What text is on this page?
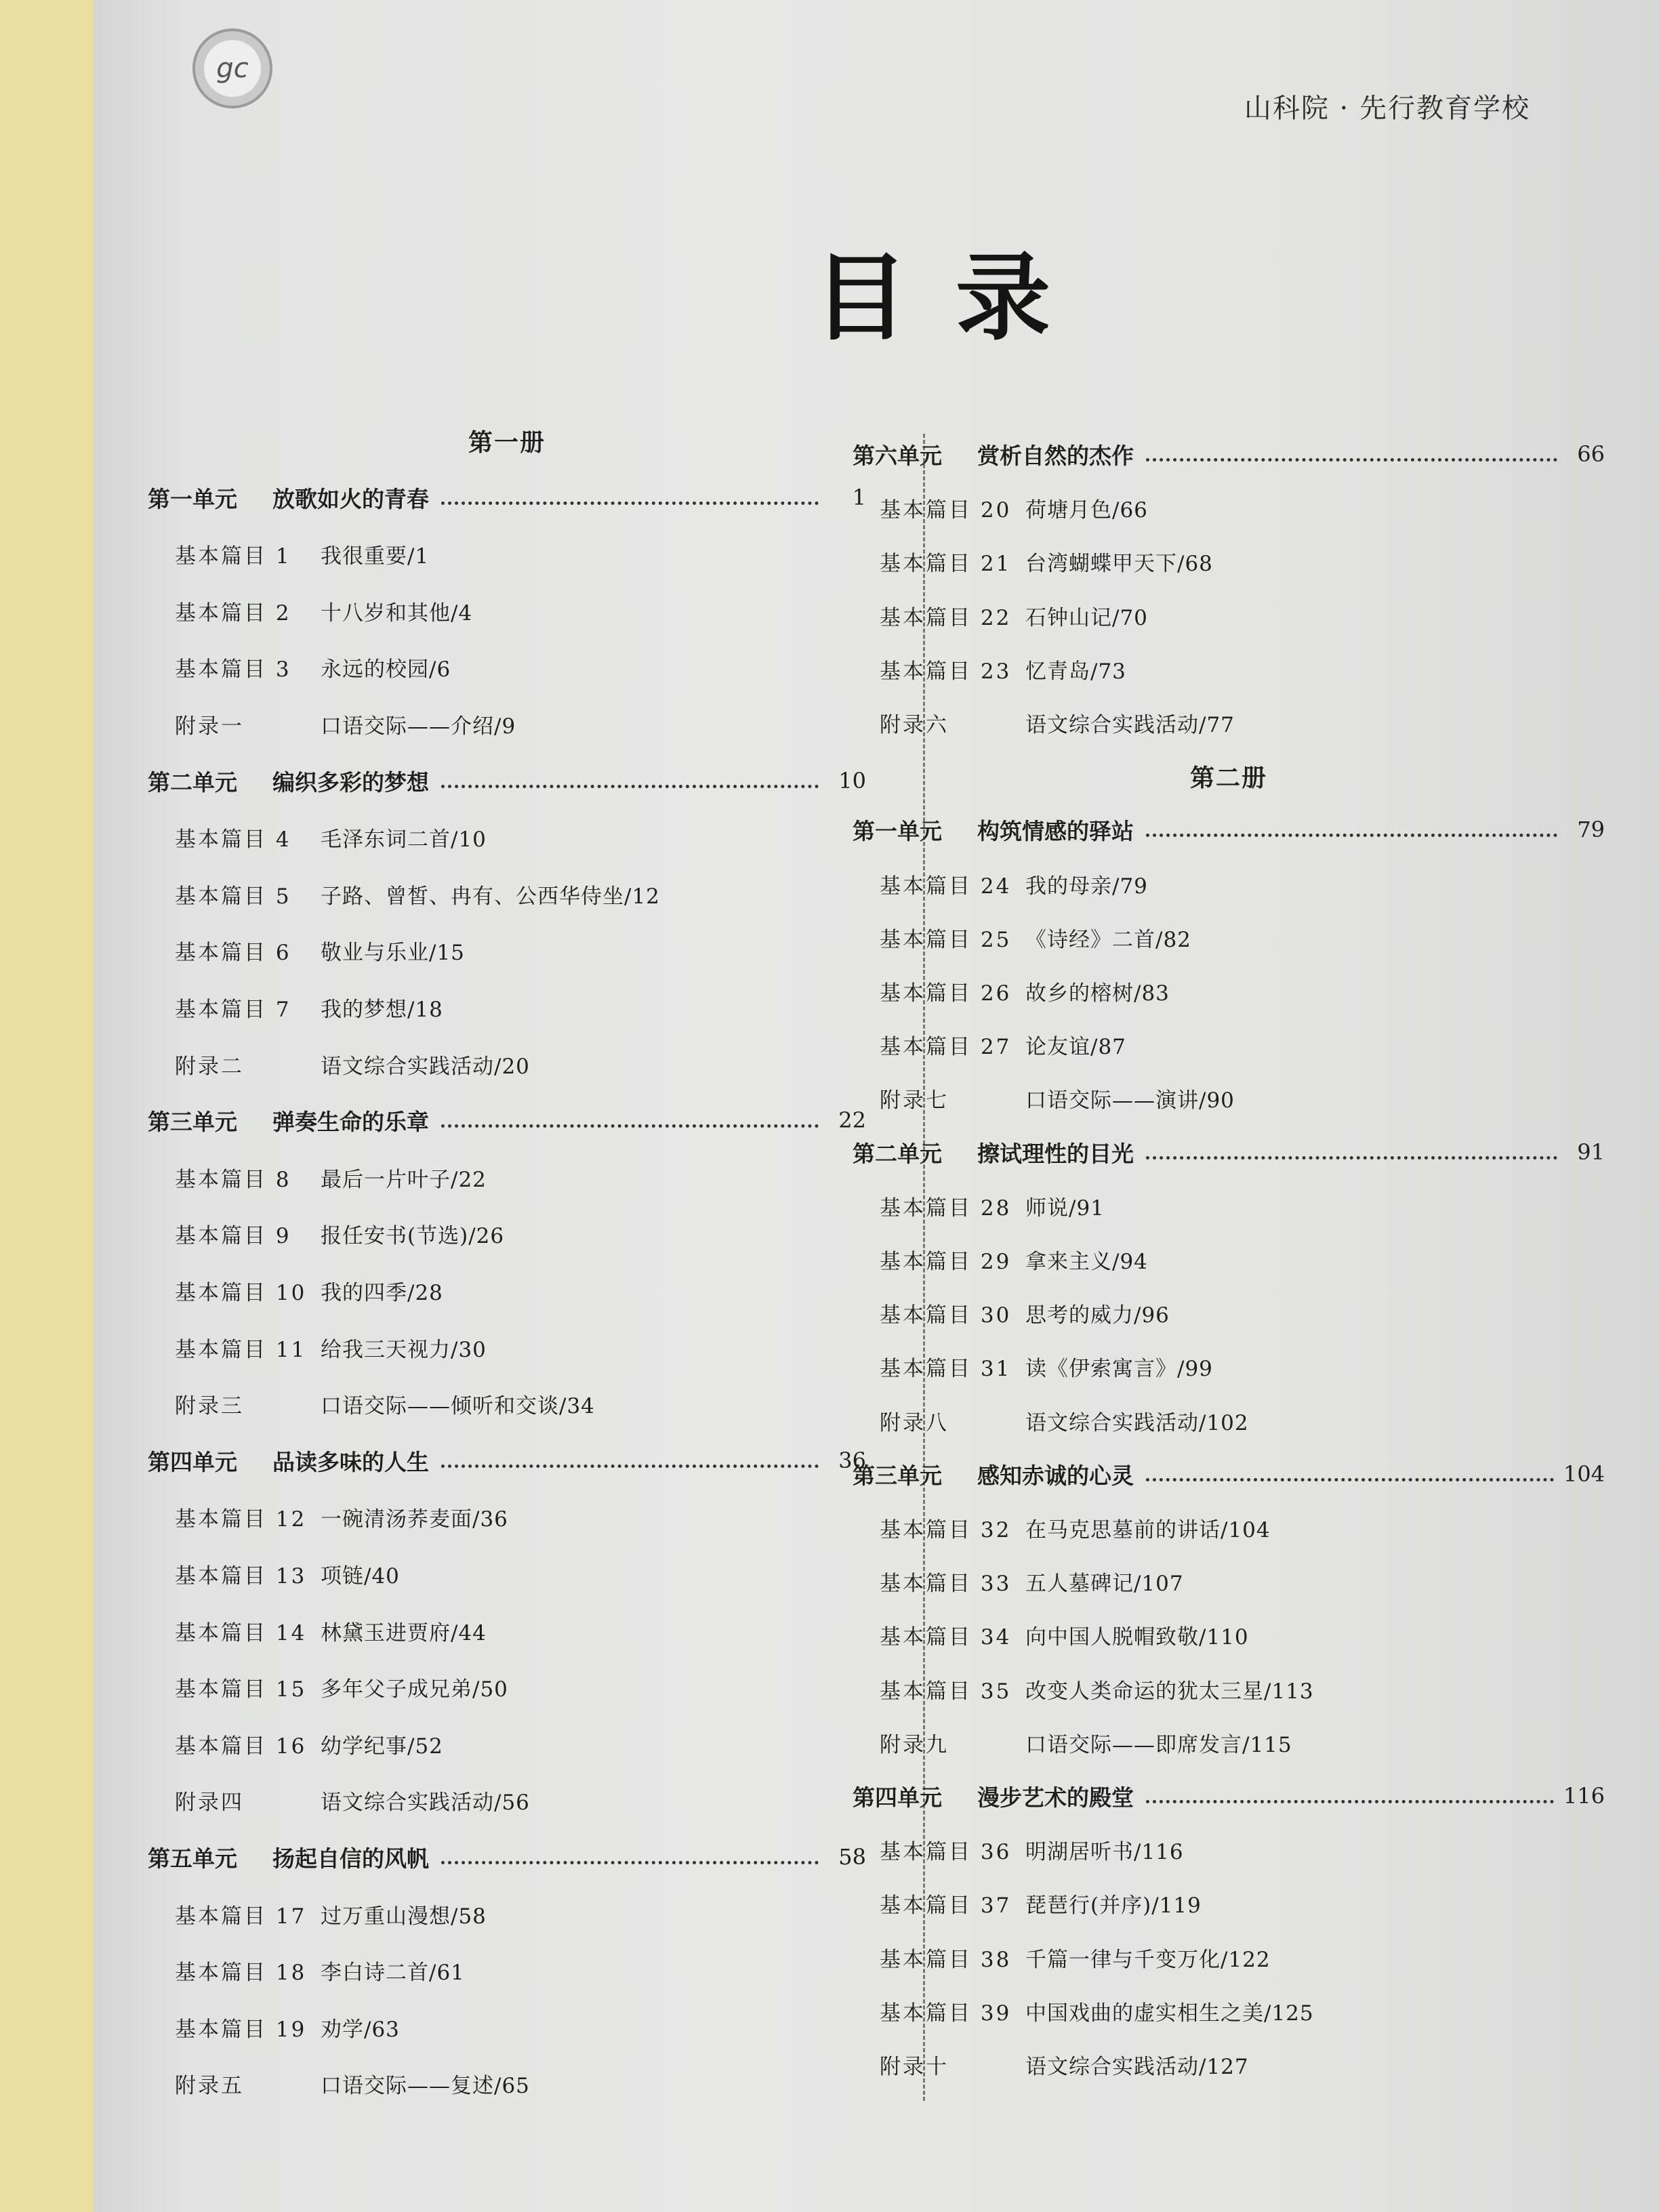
gc
山科院 · 先行教育学校
目录
第一册
第一单元	放歌如火的青春	1
基本篇目 1	我很重要/1
基本篇目 2	十八岁和其他/4
基本篇目 3	永远的校园/6
附录一	口语交际——介绍/9
第二单元	编织多彩的梦想	10
基本篇目 4	毛泽东词二首/10
基本篇目 5	子路、曾皙、冉有、公西华侍坐/12
基本篇目 6	敬业与乐业/15
基本篇目 7	我的梦想/18
附录二	语文综合实践活动/20
第三单元	弹奏生命的乐章	22
基本篇目 8	最后一片叶子/22
基本篇目 9	报任安书(节选)/26
基本篇目 10 我的四季/28
基本篇目 11 给我三天视力/30
附录三	口语交际——倾听和交谈/34
第四单元	品读多味的人生	36
基本篇目 12 一碗清汤荞麦面/36
基本篇目 13 项链/40
基本篇目 14 林黛玉进贾府/44
基本篇目 15 多年父子成兄弟/50
基本篇目 16 幼学纪事/52
附录四	语文综合实践活动/56
第五单元	扬起自信的风帆	58
基本篇目 17 过万重山漫想/58
基本篇目 18 李白诗二首/61
基本篇目 19 劝学/63
附录五	口语交际——复述/65
第六单元	赏析自然的杰作	66
基本篇目 20 荷塘月色/66
基本篇目 21 台湾蝴蝶甲天下/68
基本篇目 22 石钟山记/70
基本篇目 23 忆青岛/73
附录六	语文综合实践活动/77
第二册
第一单元	构筑情感的驿站	79
基本篇目 24 我的母亲/79
基本篇目 25 《诗经》二首/82
基本篇目 26 故乡的榕树/83
基本篇目 27 论友谊/87
附录七	口语交际——演讲/90
第二单元	擦试理性的目光	91
基本篇目 28 师说/91
基本篇目 29 拿来主义/94
基本篇目 30 思考的威力/96
基本篇目 31 读《伊索寓言》/99
附录八	语文综合实践活动/102
第三单元	感知赤诚的心灵	104
基本篇目 32 在马克思墓前的讲话/104
基本篇目 33 五人墓碑记/107
基本篇目 34 向中国人脱帽致敬/110
基本篇目 35 改变人类命运的犹太三星/113
附录九	口语交际——即席发言/115
第四单元	漫步艺术的殿堂	116
基本篇目 36 明湖居听书/116
基本篇目 37 琵琶行(并序)/119
基本篇目 38 千篇一律与千变万化/122
基本篇目 39 中国戏曲的虚实相生之美/125
附录十	语文综合实践活动/127
